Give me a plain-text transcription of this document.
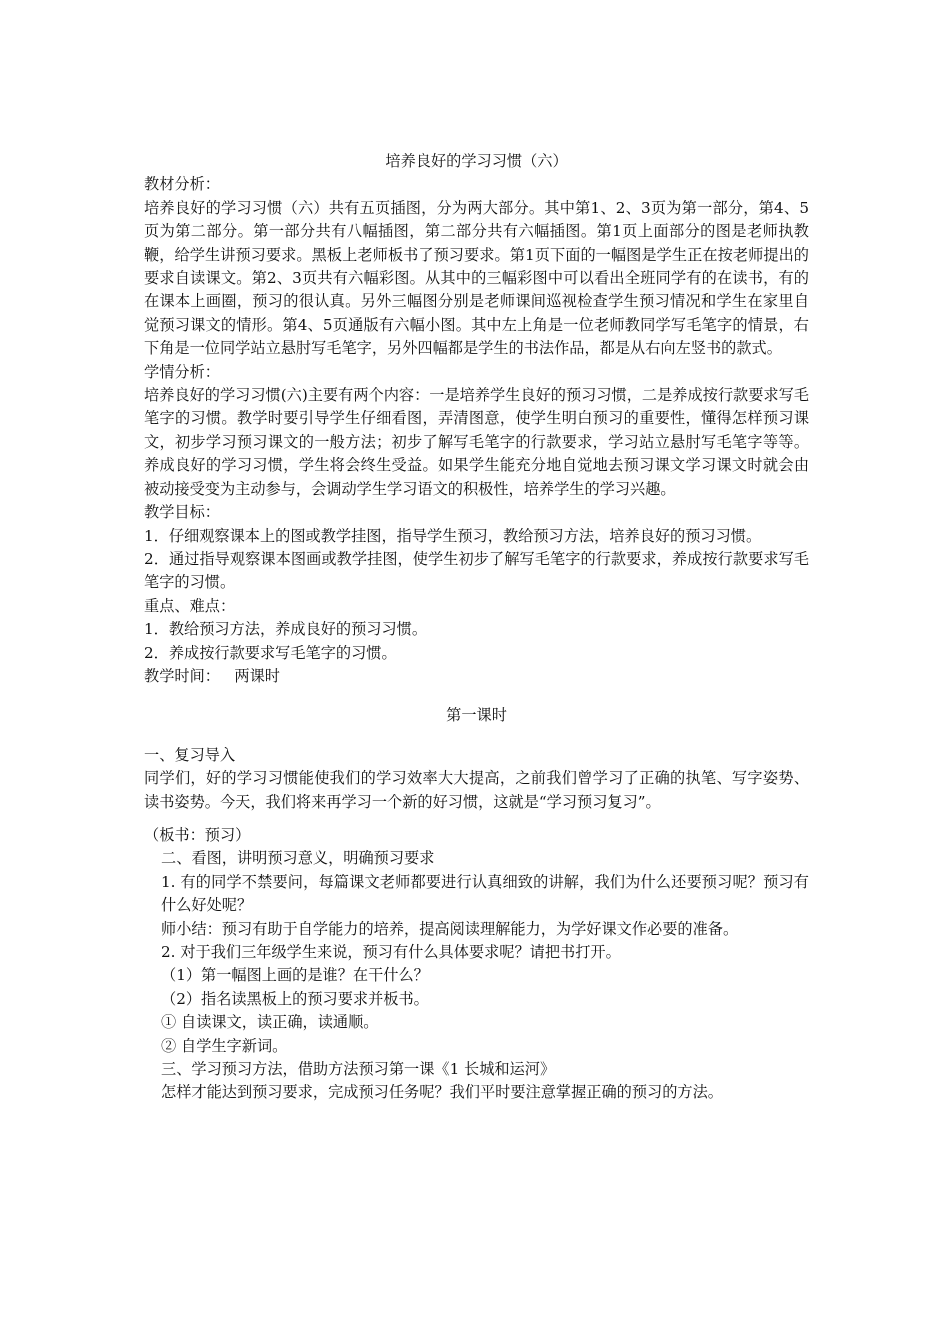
培养良好的学习习惯（六）

教材分析：

培养良好的学习习惯（六）共有五页插图，分为两大部分。其中第1、2、3页为第一部分，第4、5页为第二部分。第一部分共有八幅插图，第二部分共有六幅插图。第1页上面部分的图是老师执教鞭，给学生讲预习要求。黑板上老师板书了预习要求。第1页下面的一幅图是学生正在按老师提出的要求自读课文。第2、3页共有六幅彩图。从其中的三幅彩图中可以看出全班同学有的在读书，有的在课本上画圈，预习的很认真。另外三幅图分别是老师课间巡视检查学生预习情况和学生在家里自觉预习课文的情形。第4、5页通版有六幅小图。其中左上角是一位老师教同学写毛笔字的情景，右下角是一位同学站立悬肘写毛笔字，另外四幅都是学生的书法作品，都是从右向左竖书的款式。

学情分析：

培养良好的学习习惯(六)主要有两个内容：一是培养学生良好的预习习惯，二是养成按行款要求写毛笔字的习惯。教学时要引导学生仔细看图，弄清图意，使学生明白预习的重要性，懂得怎样预习课文，初步学习预习课文的一般方法；初步了解写毛笔字的行款要求，学习站立悬肘写毛笔字等等。养成良好的学习习惯，学生将会终生受益。如果学生能充分地自觉地去预习课文学习课文时就会由被动接受变为主动参与，会调动学生学习语文的积极性，培养学生的学习兴趣。

教学目标：

1．仔细观察课本上的图或教学挂图，指导学生预习，教给预习方法，培养良好的预习习惯。

2．通过指导观察课本图画或教学挂图，使学生初步了解写毛笔字的行款要求，养成按行款要求写毛笔字的习惯。

重点、难点：

1．教给预习方法，养成良好的预习习惯。

2．养成按行款要求写毛笔字的习惯。

教学时间：   两课时

第一课时

一、复习导入

同学们，好的学习习惯能使我们的学习效率大大提高，之前我们曾学习了正确的执笔、写字姿势、读书姿势。今天，我们将来再学习一个新的好习惯，这就是“学习预习复习”。

（板书：预习）

二、看图，讲明预习意义，明确预习要求

1. 有的同学不禁要问，每篇课文老师都要进行认真细致的讲解，我们为什么还要预习呢？预习有什么好处呢？

师小结：预习有助于自学能力的培养，提高阅读理解能力，为学好课文作必要的准备。

2. 对于我们三年级学生来说，预习有什么具体要求呢？请把书打开。

（1）第一幅图上画的是谁？在干什么？

（2）指名读黑板上的预习要求并板书。

① 自读课文，读正确，读通顺。

② 自学生字新词。

三、学习预习方法，借助方法预习第一课《1 长城和运河》

怎样才能达到预习要求，完成预习任务呢？我们平时要注意掌握正确的预习的方法。
